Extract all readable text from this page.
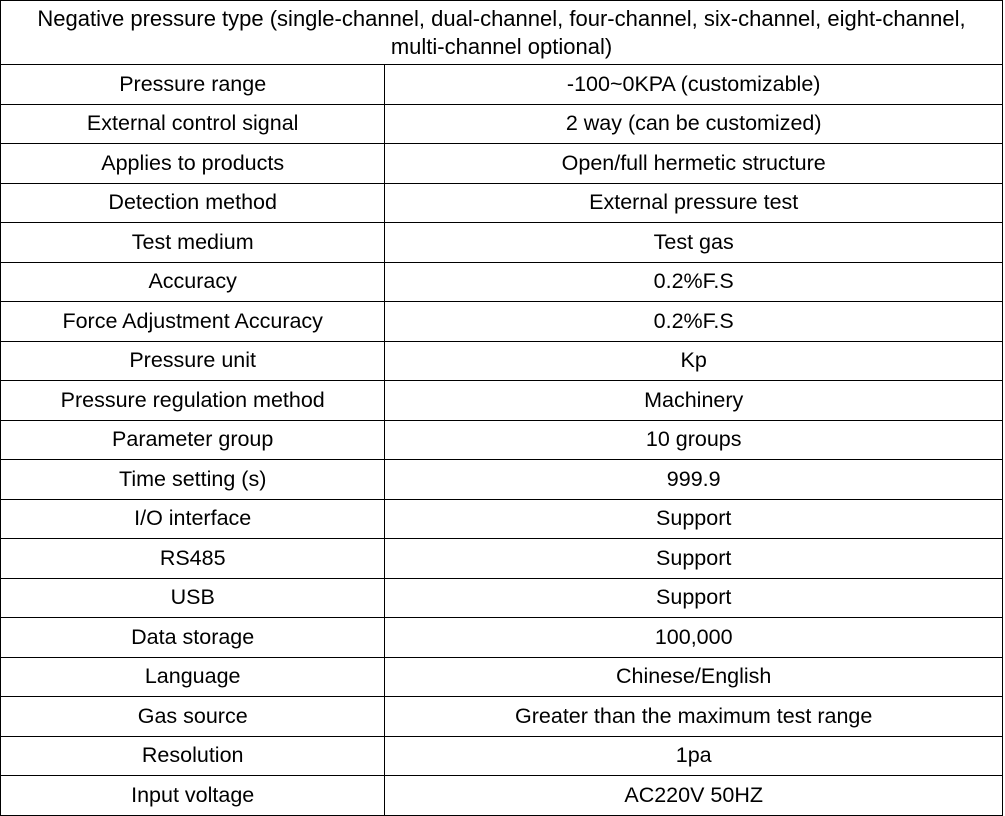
Negative pressure type (single-channel, dual-channel, four-channel, six-channel, eight-channel, multi-channel optional)	
Pressure range	-100~0KPA (customizable)
External control signal	2 way (can be customized)
Applies to products	Open/full hermetic structure
Detection method	External pressure test
Test medium	Test gas
Accuracy	0.2%F.S
Force Adjustment Accuracy	0.2%F.S
Pressure unit	Kp
Pressure regulation method	Machinery
Parameter group	10 groups
Time setting (s)	999.9
I/O interface	Support
RS485	Support
USB	Support
Data storage	100,000
Language	Chinese/English
Gas source	Greater than the maximum test range
Resolution	1pa
Input voltage	AC220V 50HZ
